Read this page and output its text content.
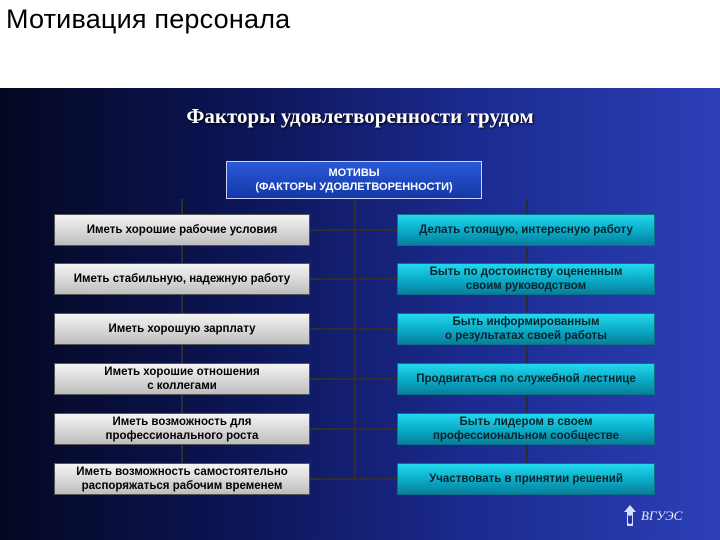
Мотивация персонала
Факторы удовлетворенности трудом
МОТИВЫ
(ФАКТОРЫ УДОВЛЕТВОРЕННОСТИ)
Иметь хорошие рабочие условия
Иметь стабильную, надежную работу
Иметь хорошую зарплату
Иметь хорошие отношения
с коллегами
Иметь возможность для
профессионального роста
Иметь возможность самостоятельно
распоряжаться рабочим временем
Делать стоящую, интересную работу
Быть по достоинству оцененным
своим руководством
Быть информированным
о результатах своей работы
Продвигаться по служебной лестнице
Быть лидером в своем
профессиональном сообществе
Участвовать в принятии решений
ВГУЭС
